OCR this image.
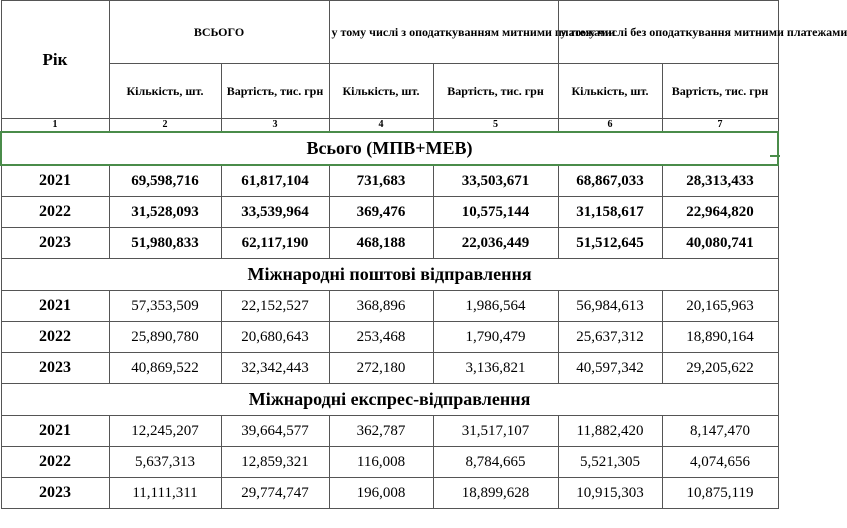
Рік	ВСЬОГО		у тому числі з оподаткуванням митними платежами		у тому числі без оподаткування митними платежами	
	Кількість, шт.	Вартість, тис. грн	Кількість, шт.	Вартість, тис. грн	Кількість, шт.	Вартість, тис. грн
1	2	3	4	5	6	7
Всього (МПВ+МЕВ)						
2021	69,598,716	61,817,104	731,683	33,503,671	68,867,033	28,313,433
2022	31,528,093	33,539,964	369,476	10,575,144	31,158,617	22,964,820
2023	51,980,833	62,117,190	468,188	22,036,449	51,512,645	40,080,741
Міжнародні поштові відправлення						
2021	57,353,509	22,152,527	368,896	1,986,564	56,984,613	20,165,963
2022	25,890,780	20,680,643	253,468	1,790,479	25,637,312	18,890,164
2023	40,869,522	32,342,443	272,180	3,136,821	40,597,342	29,205,622
Міжнародні експрес-відправлення						
2021	12,245,207	39,664,577	362,787	31,517,107	11,882,420	8,147,470
2022	5,637,313	12,859,321	116,008	8,784,665	5,521,305	4,074,656
2023	11,111,311	29,774,747	196,008	18,899,628	10,915,303	10,875,119
